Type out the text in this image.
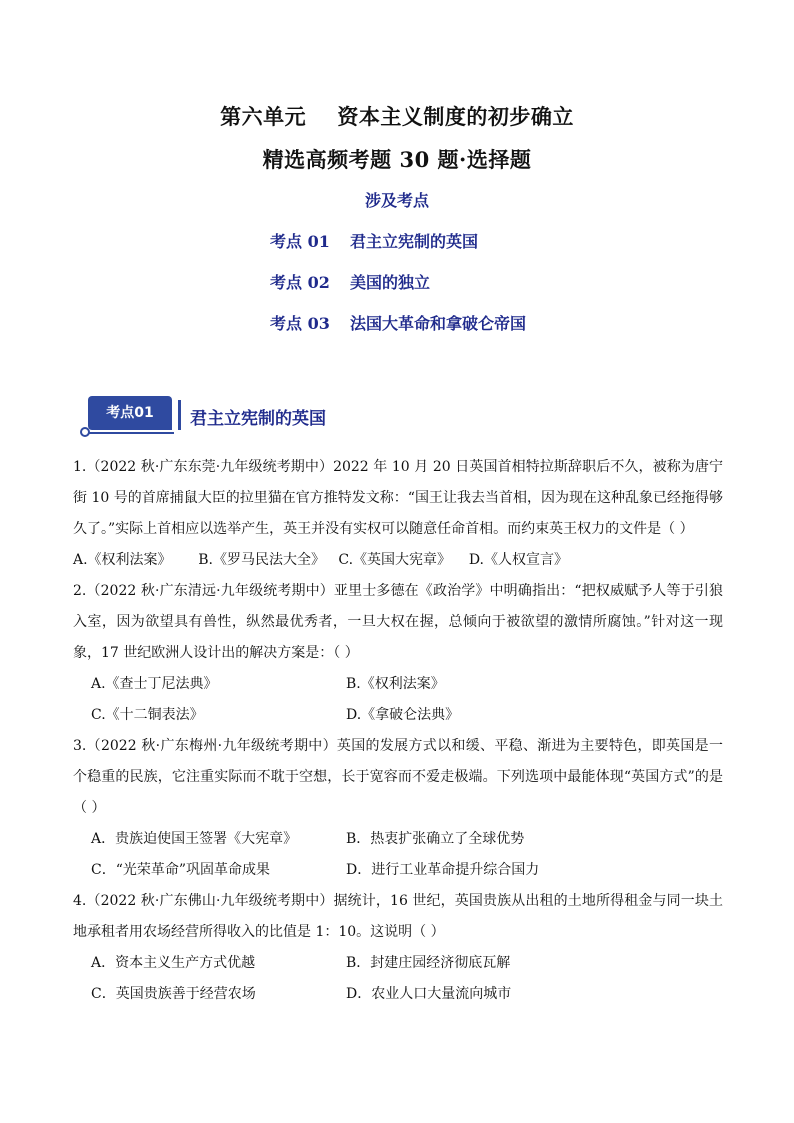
第六单元    资本主义制度的初步确立
精选高频考题 30 题·选择题
涉及考点
考点 01 君主立宪制的英国
考点 02 美国的独立
考点 03 法国大革命和拿破仑帝国
考点01	君主立宪制的英国

1.（2022 秋·广东东莞·九年级统考期中）2022 年 10 月 20 日英国首相特拉斯辞职后不久，被称为唐宁街 10 号的首席捕鼠大臣的拉里猫在官方推特发文称：“国王让我去当首相，因为现在这种乱象已经拖得够久了。”实际上首相应以选举产生，英王并没有实权可以随意任命首相。而约束英王权力的文件是（ ）

A.《权利法案》      B.《罗马民法大全》   C.《英国大宪章》    D.《人权宣言》

2.（2022 秋·广东清远·九年级统考期中）亚里士多德在《政治学》中明确指出：“把权威赋予人等于引狼入室，因为欲望具有兽性，纵然最优秀者，一旦大权在握，总倾向于被欲望的激情所腐蚀。”针对这一现象，17 世纪欧洲人设计出的解决方案是：（ ）

A.《查士丁尼法典》	B.《权利法案》
C.《十二铜表法》	D.《拿破仑法典》

3.（2022 秋·广东梅州·九年级统考期中）英国的发展方式以和缓、平稳、渐进为主要特色，即英国是一个稳重的民族，它注重实际而不耽于空想，长于宽容而不爱走极端。下列选项中最能体现“英国方式”的是（ ）

A．贵族迫使国王签署《大宪章》	B．热衷扩张确立了全球优势
C．“光荣革命”巩固革命成果	D．进行工业革命提升综合国力

4.（2022 秋·广东佛山·九年级统考期中）据统计，16 世纪，英国贵族从出租的土地所得租金与同一块土地承租者用农场经营所得收入的比值是 1：10。这说明（ ）

A．资本主义生产方式优越	B．封建庄园经济彻底瓦解
C．英国贵族善于经营农场	D．农业人口大量流向城市
